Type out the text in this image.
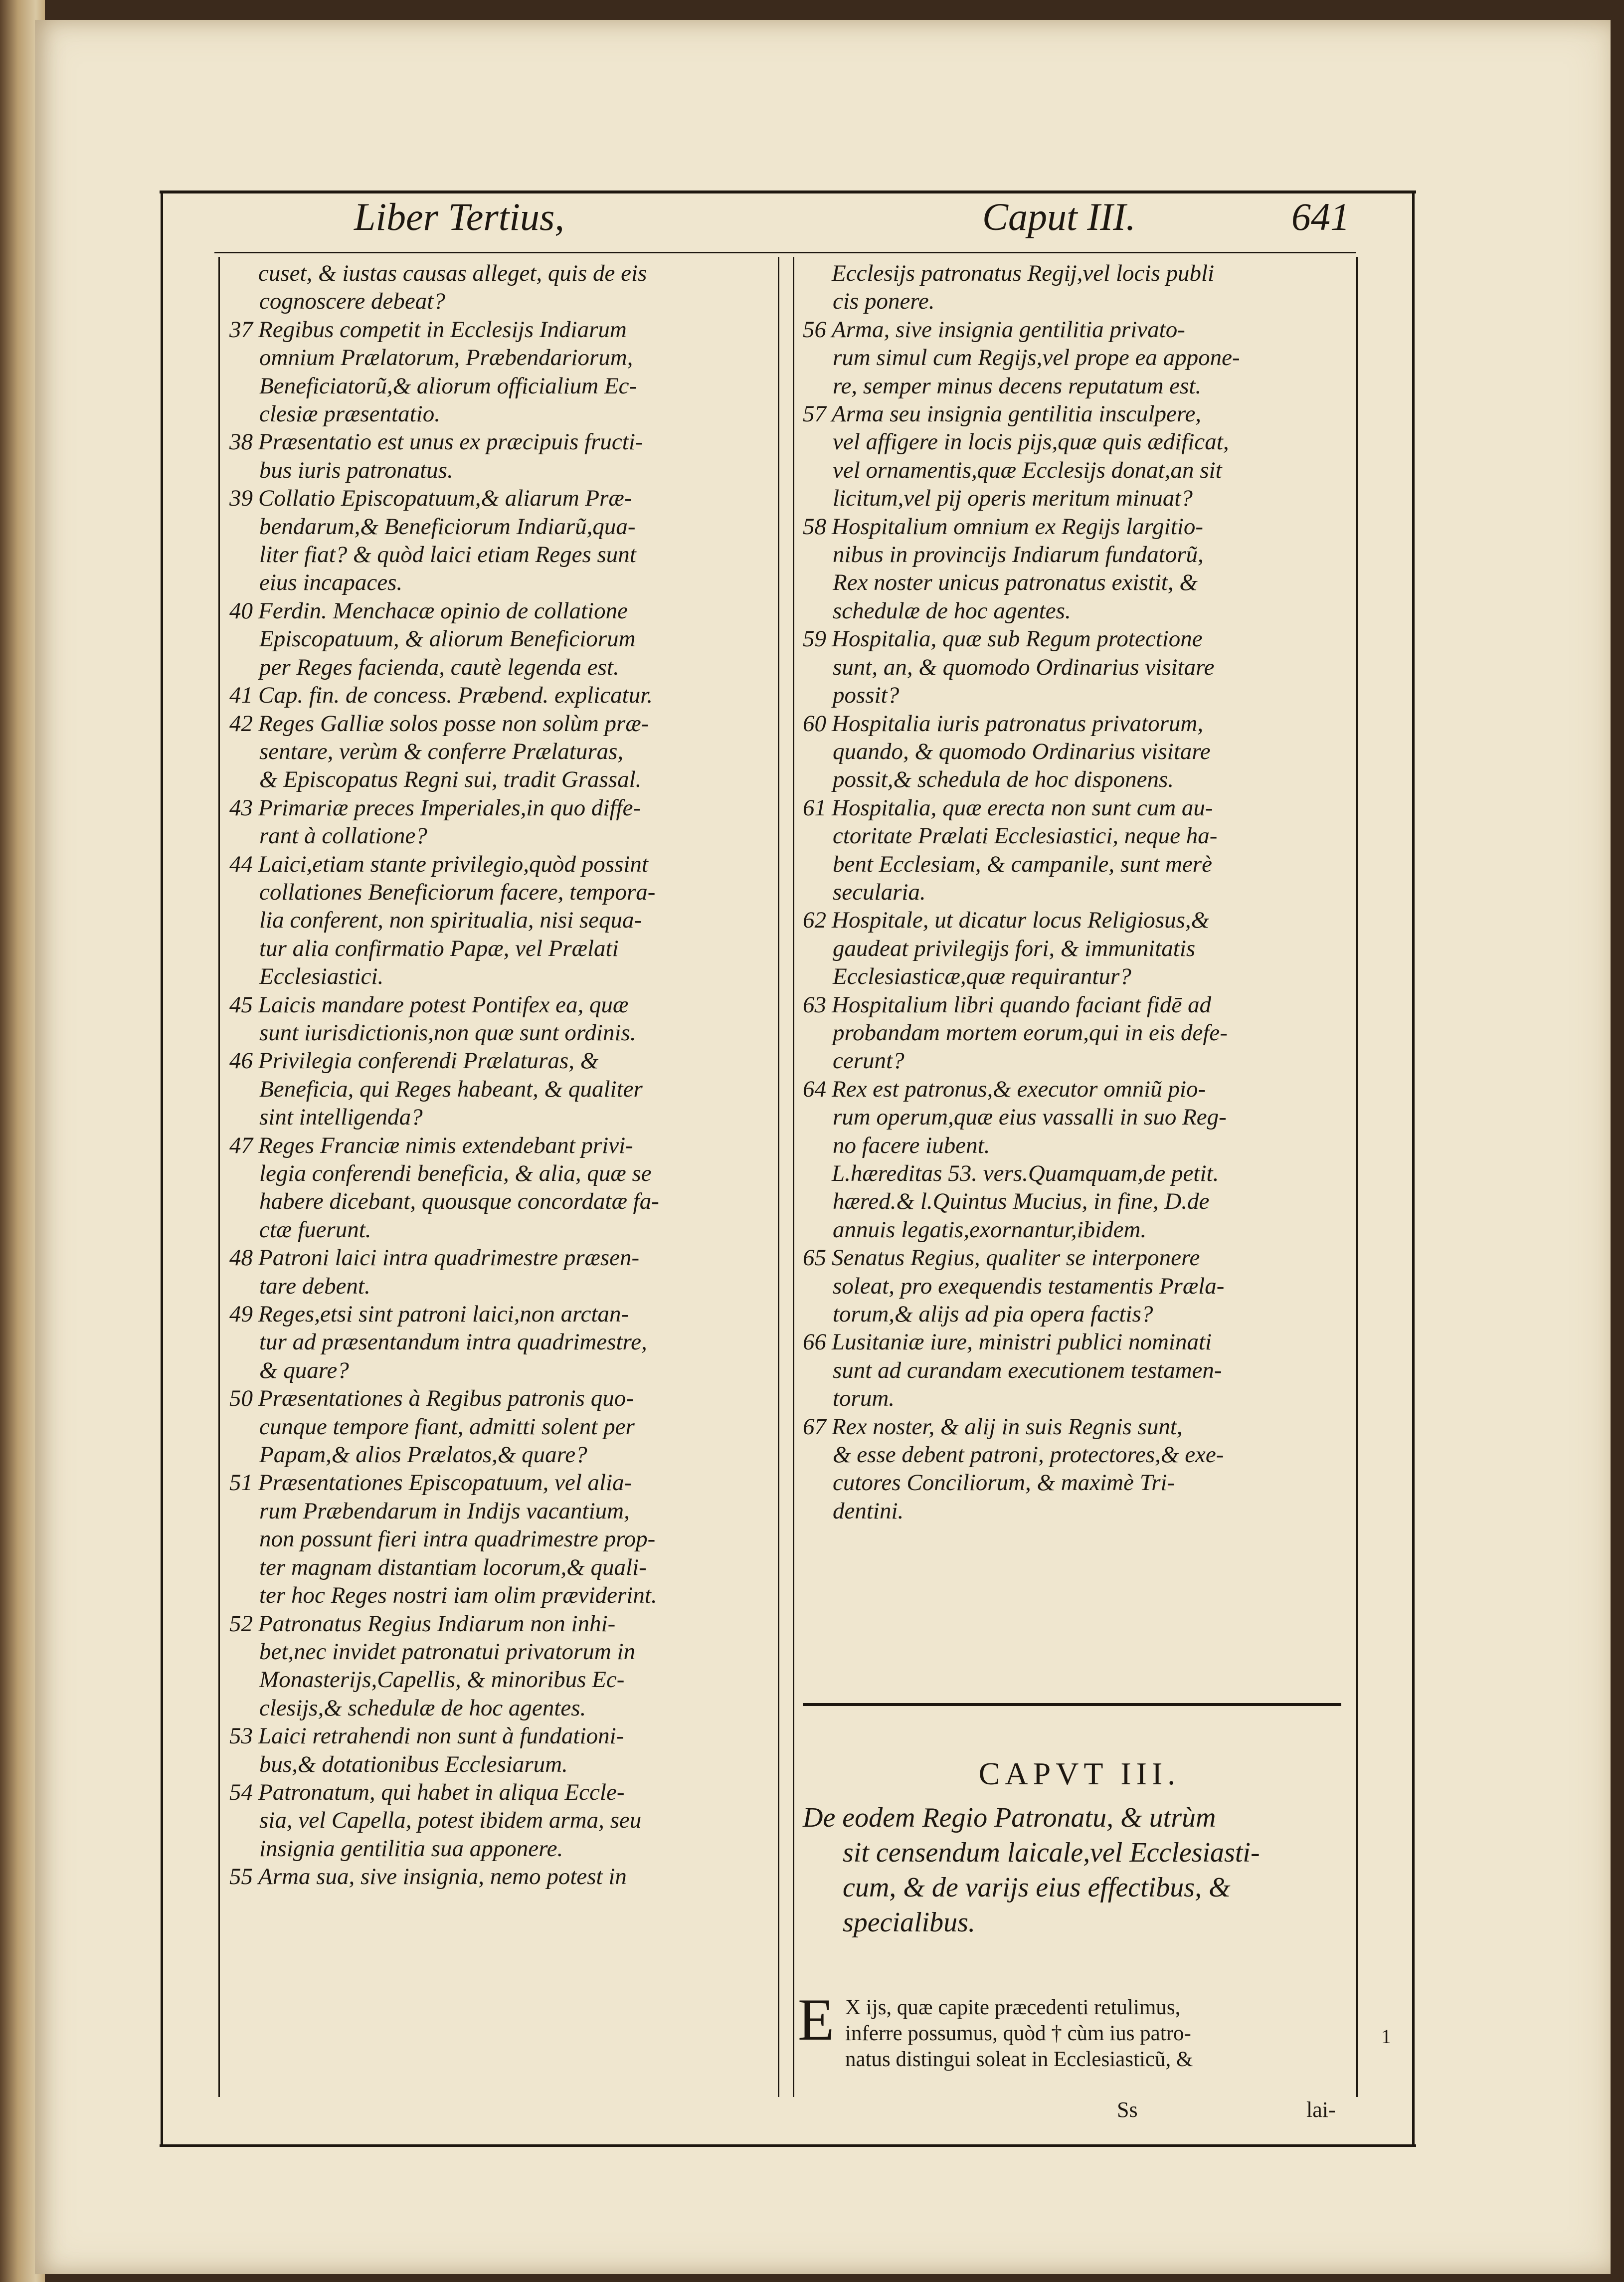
Liber Tertius,	Caput III.	641
cuset, & iustas causas alleget, quis de eis
cognoscere debeat?
37 Regibus competit in Ecclesijs Indiarum
omnium Prælatorum, Præbendariorum,
Beneficiatorũ,& aliorum officialium Ec-
clesiæ præsentatio.
38 Præsentatio est unus ex præcipuis fructi-
bus iuris patronatus.
39 Collatio Episcopatuum,& aliarum Præ-
bendarum,& Beneficiorum Indiarũ,qua-
liter fiat? & quòd laici etiam Reges sunt
eius incapaces.
40 Ferdin. Menchacæ opinio de collatione
Episcopatuum, & aliorum Beneficiorum
per Reges facienda, cautè legenda est.
41 Cap. fin. de concess. Præbend. explicatur.
42 Reges Galliæ solos posse non solùm præ-
sentare, verùm & conferre Prælaturas,
& Episcopatus Regni sui, tradit Grassal.
43 Primariæ preces Imperiales,in quo diffe-
rant à collatione?
44 Laici,etiam stante privilegio,quòd possint
collationes Beneficiorum facere, tempora-
lia conferent, non spiritualia, nisi sequa-
tur alia confirmatio Papæ, vel Prælati
Ecclesiastici.
45 Laicis mandare potest Pontifex ea, quæ
sunt iurisdictionis,non quæ sunt ordinis.
46 Privilegia conferendi Prælaturas, &
Beneficia, qui Reges habeant, & qualiter
sint intelligenda?
47 Reges Franciæ nimis extendebant privi-
legia conferendi beneficia, & alia, quæ se
habere dicebant, quousque concordatæ fa-
ctæ fuerunt.
48 Patroni laici intra quadrimestre præsen-
tare debent.
49 Reges,etsi sint patroni laici,non arctan-
tur ad præsentandum intra quadrimestre,
& quare?
50 Præsentationes à Regibus patronis quo-
cunque tempore fiant, admitti solent per
Papam,& alios Prælatos,& quare?
51 Præsentationes Episcopatuum, vel alia-
rum Præbendarum in Indijs vacantium,
non possunt fieri intra quadrimestre prop-
ter magnam distantiam locorum,& quali-
ter hoc Reges nostri iam olim præviderint.
52 Patronatus Regius Indiarum non inhi-
bet,nec invidet patronatui privatorum in
Monasterijs,Capellis, & minoribus Ec-
clesijs,& schedulæ de hoc agentes.
53 Laici retrahendi non sunt à fundationi-
bus,& dotationibus Ecclesiarum.
54 Patronatum, qui habet in aliqua Eccle-
sia, vel Capella, potest ibidem arma, seu
insignia gentilitia sua apponere.
55 Arma sua, sive insignia, nemo potest in
Ecclesijs patronatus Regij,vel locis publi
cis ponere.
56 Arma, sive insignia gentilitia privato-
rum simul cum Regijs,vel prope ea appone-
re, semper minus decens reputatum est.
57 Arma seu insignia gentilitia insculpere,
vel affigere in locis pijs,quæ quis ædificat,
vel ornamentis,quæ Ecclesijs donat,an sit
licitum,vel pij operis meritum minuat?
58 Hospitalium omnium ex Regijs largitio-
nibus in provincijs Indiarum fundatorũ,
Rex noster unicus patronatus existit, &
schedulæ de hoc agentes.
59 Hospitalia, quæ sub Regum protectione
sunt, an, & quomodo Ordinarius visitare
possit?
60 Hospitalia iuris patronatus privatorum,
quando, & quomodo Ordinarius visitare
possit,& schedula de hoc disponens.
61 Hospitalia, quæ erecta non sunt cum au-
ctoritate Prælati Ecclesiastici, neque ha-
bent Ecclesiam, & campanile, sunt merè
secularia.
62 Hospitale, ut dicatur locus Religiosus,&
gaudeat privilegijs fori, & immunitatis
Ecclesiasticæ,quæ requirantur?
63 Hospitalium libri quando faciant fidē ad
probandam mortem eorum,qui in eis defe-
cerunt?
64 Rex est patronus,& executor omniũ pio-
rum operum,quæ eius vassalli in suo Reg-
no facere iubent.
L.hæreditas 53. vers.Quamquam,de petit.
hæred.& l.Quintus Mucius, in fine, D.de
annuis legatis,exornantur,ibidem.
65 Senatus Regius, qualiter se interponere
soleat, pro exequendis testamentis Præla-
torum,& alijs ad pia opera factis?
66 Lusitaniæ iure, ministri publici nominati
sunt ad curandam executionem testamen-
torum.
67 Rex noster, & alij in suis Regnis sunt,
& esse debent patroni, protectores,& exe-
cutores Conciliorum, & maximè Tri-
dentini.
CAPVT III.
De eodem Regio Patronatu, & utrùm
sit censendum laicale,vel Ecclesiasti-
cum, & de varijs eius effectibus, &
specialibus.
E X ijs, quæ capite præcedenti retulimus,
inferre possumus, quòd † cùm ius patro-
natus distingui soleat in Ecclesiasticũ, &
1
Ss	lai-
